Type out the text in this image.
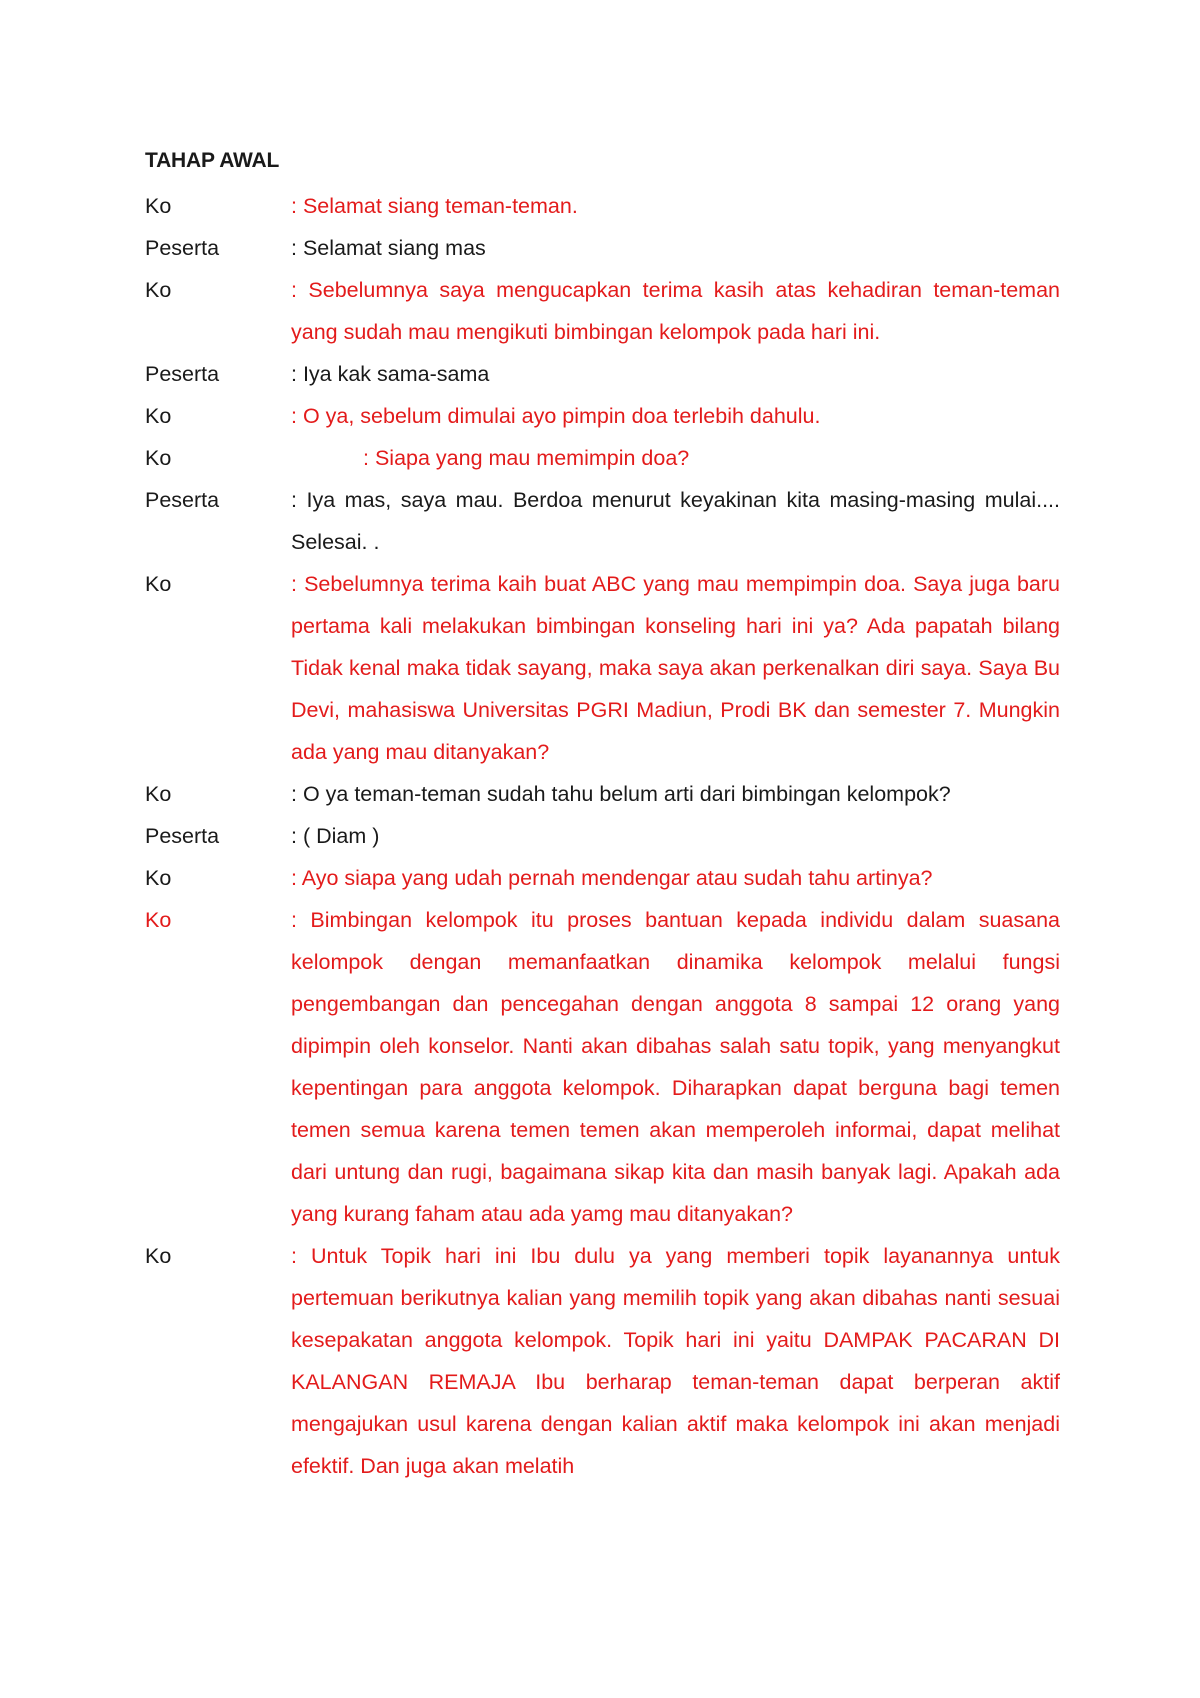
TAHAP AWAL
Ko	: Selamat siang teman-teman.
Peserta	: Selamat siang mas
Ko	: Sebelumnya saya mengucapkan terima kasih atas kehadiran teman-teman yang sudah mau mengikuti bimbingan kelompok pada hari ini.
Peserta	: Iya kak sama-sama
Ko	: O ya, sebelum dimulai ayo pimpin doa terlebih dahulu.
Ko	: Siapa yang mau memimpin doa?
Peserta	: Iya mas, saya mau. Berdoa menurut keyakinan kita masing-masing mulai.... Selesai. .
Ko	: Sebelumnya terima kaih buat ABC yang mau mempimpin doa. Saya juga baru pertama kali melakukan bimbingan konseling hari ini ya? Ada papatah bilang Tidak kenal maka tidak sayang, maka saya akan perkenalkan diri saya. Saya Bu Devi, mahasiswa Universitas PGRI Madiun, Prodi BK dan semester 7. Mungkin ada yang mau ditanyakan?
Ko	: O ya teman-teman sudah tahu belum arti dari bimbingan kelompok?
Peserta	: ( Diam )
Ko	: Ayo siapa yang udah pernah mendengar atau sudah tahu artinya?
Ko	: Bimbingan kelompok itu proses bantuan kepada individu dalam suasana kelompok dengan memanfaatkan dinamika kelompok melalui fungsi pengembangan dan pencegahan dengan anggota 8 sampai 12 orang yang dipimpin oleh konselor. Nanti akan dibahas salah satu topik, yang menyangkut kepentingan para anggota kelompok. Diharapkan dapat berguna bagi temen temen semua karena temen temen akan memperoleh informai, dapat melihat dari untung dan rugi, bagaimana sikap kita dan masih banyak lagi. Apakah ada yang kurang faham atau ada yamg mau ditanyakan?
Ko	: Untuk Topik hari ini Ibu dulu ya yang memberi topik layanannya untuk pertemuan berikutnya kalian yang memilih topik yang akan dibahas nanti sesuai kesepakatan anggota kelompok. Topik hari ini yaitu DAMPAK PACARAN DI KALANGAN REMAJA Ibu berharap teman-teman dapat berperan aktif mengajukan usul karena dengan kalian aktif maka kelompok ini akan menjadi efektif. Dan juga akan melatih
